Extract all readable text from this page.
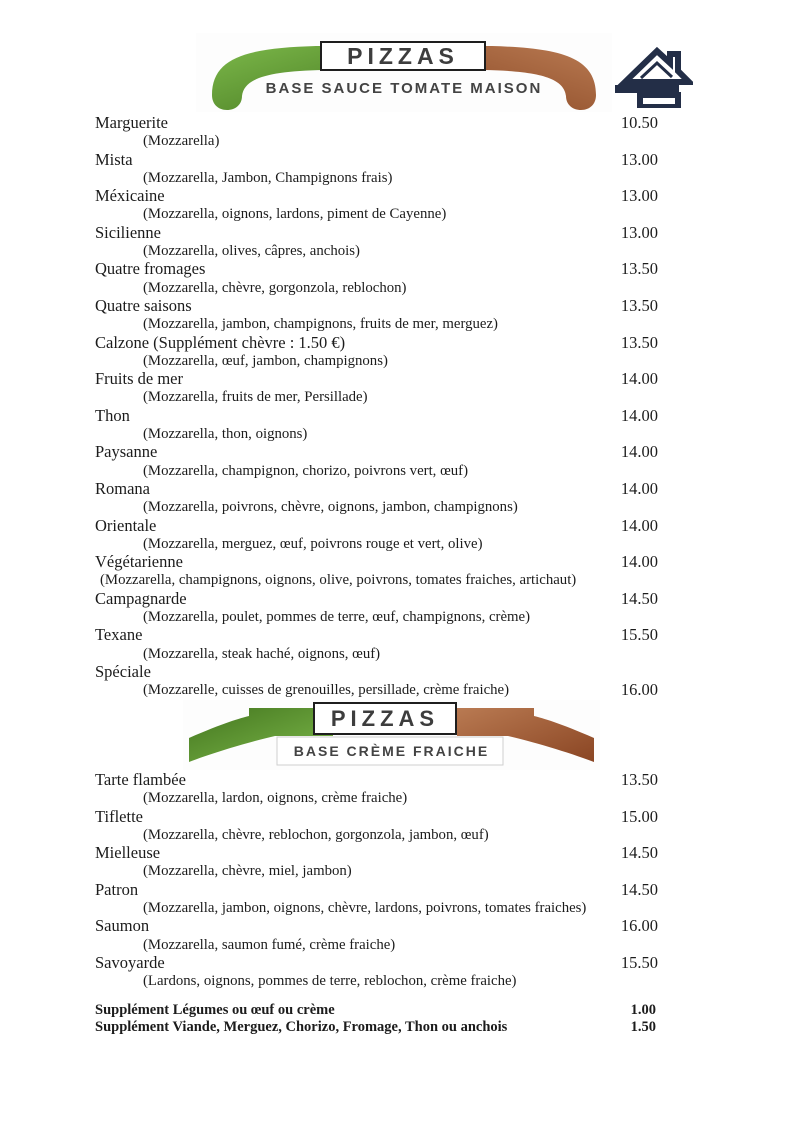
PIZZAS
BASE SAUCE TOMATE MAISON
Marguerite	10.50
(Mozzarella)
Mista	13.00
(Mozzarella, Jambon, Champignons frais)
Méxicaine	13.00
(Mozzarella, oignons, lardons, piment de Cayenne)
Sicilienne	13.00
(Mozzarella, olives, câpres, anchois)
Quatre fromages	13.50
(Mozzarella, chèvre, gorgonzola, reblochon)
Quatre saisons	13.50
(Mozzarella, jambon, champignons, fruits de mer, merguez)
Calzone (Supplément chèvre : 1.50 €)	13.50
(Mozzarella, œuf, jambon, champignons)
Fruits de mer	14.00
(Mozzarella, fruits de mer, Persillade)
Thon	14.00
(Mozzarella, thon, oignons)
Paysanne	14.00
(Mozzarella, champignon, chorizo, poivrons vert, œuf)
Romana	14.00
(Mozzarella, poivrons, chèvre, oignons, jambon, champignons)
Orientale	14.00
(Mozzarella, merguez, œuf, poivrons rouge et vert, olive)
Végétarienne	14.00
(Mozzarella, champignons, oignons, olive, poivrons, tomates fraiches, artichaut)
Campagnarde	14.50
(Mozzarella, poulet, pommes de terre, œuf, champignons, crème)
Texane	15.50
(Mozzarella, steak haché, oignons, œuf)
Spéciale
(Mozzarelle, cuisses de grenouilles, persillade, crème fraiche)	16.00
PIZZAS
BASE CRÈME FRAICHE
Tarte flambée	13.50
(Mozzarella, lardon, oignons, crème fraiche)
Tiflette	15.00
(Mozzarella, chèvre, reblochon, gorgonzola, jambon, œuf)
Mielleuse	14.50
(Mozzarella, chèvre, miel, jambon)
Patron	14.50
(Mozzarella, jambon, oignons, chèvre, lardons, poivrons, tomates fraiches)
Saumon	16.00
(Mozzarella, saumon fumé, crème fraiche)
Savoyarde	15.50
(Lardons, oignons, pommes de terre, reblochon, crème fraiche)
Supplément Légumes ou œuf ou crème	1.00
Supplément Viande, Merguez, Chorizo, Fromage, Thon ou anchois	1.50
